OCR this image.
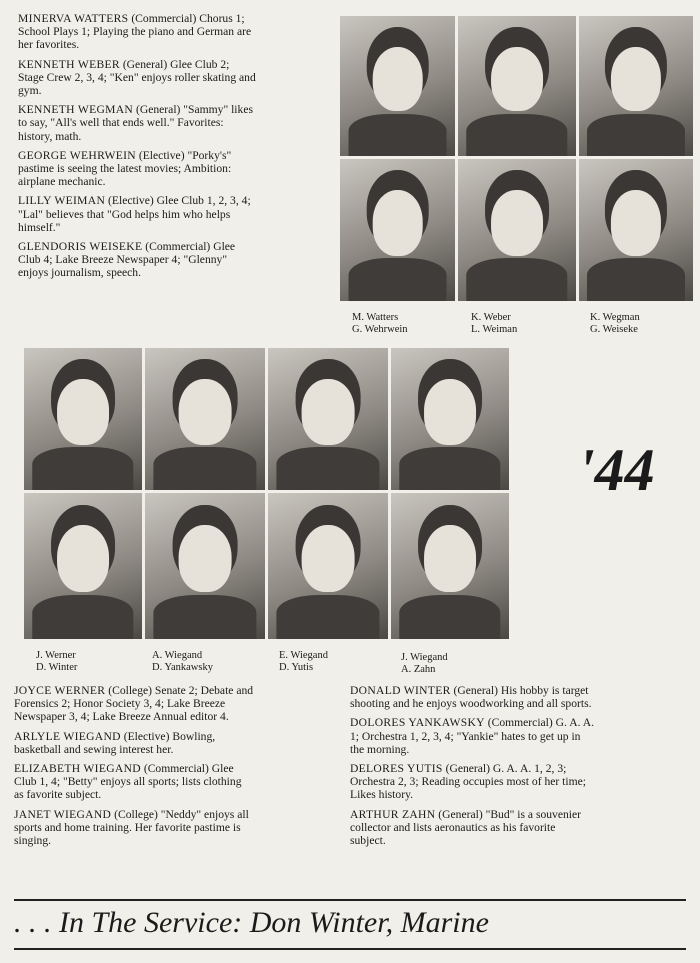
MINERVA WATTERS (Commercial) Chorus 1; School Plays 1; Playing the piano and German are her favorites.
KENNETH WEBER (General) Glee Club 2; Stage Crew 2, 3, 4; "Ken" enjoys roller skating and gym.
KENNETH WEGMAN (General) "Sammy" likes to say, "All's well that ends well." Favorites: history, math.
GEORGE WEHRWEIN (Elective) "Porky's" pastime is seeing the latest movies; Ambition: airplane mechanic.
LILLY WEIMAN (Elective) Glee Club 1, 2, 3, 4; "Lal" believes that "God helps him who helps himself."
GLENDORIS WEISEKE (Commercial) Glee Club 4; Lake Breeze Newspaper 4; "Glenny" enjoys journalism, speech.
M. Watters
G. Wehrwein
K. Weber
L. Weiman
K. Wegman
G. Weiseke
'44
J. Werner
D. Winter
A. Wiegand
D. Yankawsky
E. Wiegand
D. Yutis
J. Wiegand
A. Zahn
JOYCE WERNER (College) Senate 2; Debate and Forensics 2; Honor Society 3, 4; Lake Breeze Newspaper 3, 4; Lake Breeze Annual editor 4.
ARLYLE WIEGAND (Elective) Bowling, basketball and sewing interest her.
ELIZABETH WIEGAND (Commercial) Glee Club 1, 4; "Betty" enjoys all sports; lists clothing as favorite subject.
JANET WIEGAND (College) "Neddy" enjoys all sports and home training. Her favorite pastime is singing.
DONALD WINTER (General) His hobby is target shooting and he enjoys woodworking and all sports.
DOLORES YANKAWSKY (Commercial) G. A. A. 1; Orchestra 1, 2, 3, 4; "Yankie" hates to get up in the morning.
DELORES YUTIS (General) G. A. A. 1, 2, 3; Orchestra 2, 3; Reading occupies most of her time; Likes history.
ARTHUR ZAHN (General) "Bud" is a souvenier collector and lists aeronautics as his favorite subject.
. . . In The Service: Don Winter, Marine
